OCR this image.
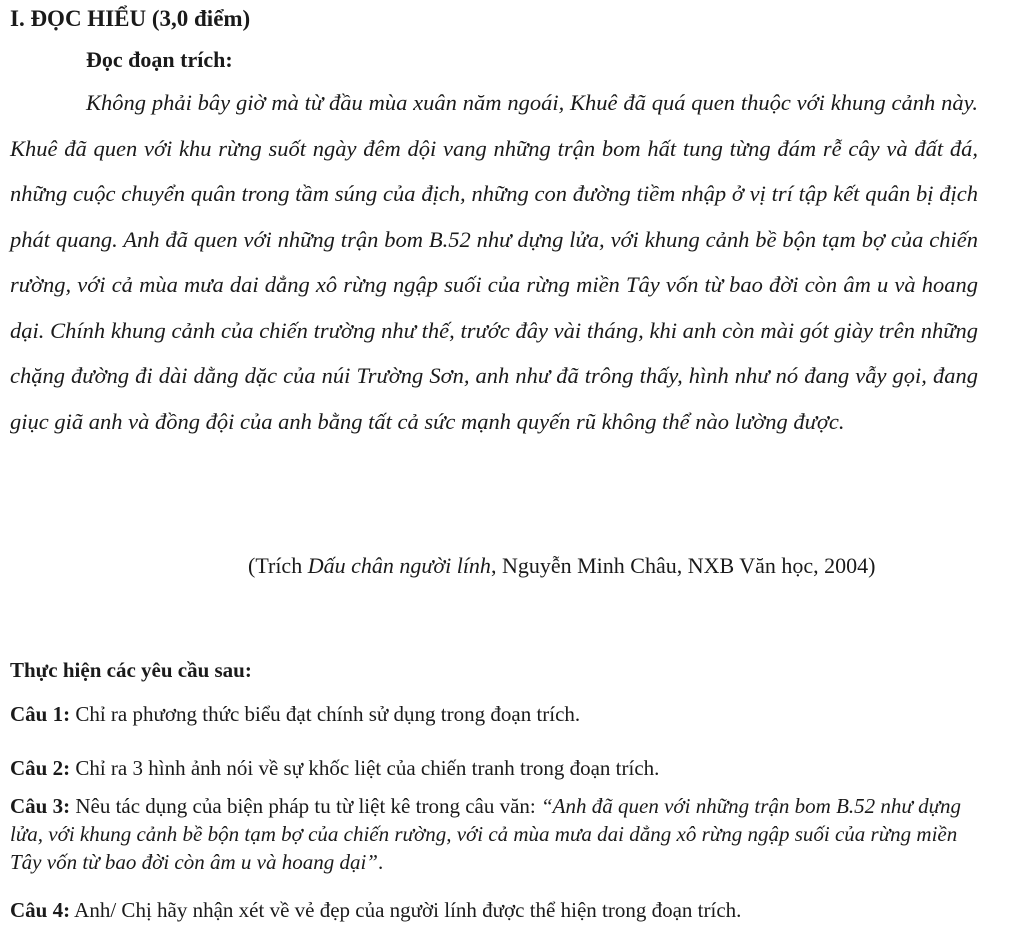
I. ĐỌC HIỂU (3,0 điểm)
Đọc đoạn trích:
Không phải bây giờ mà từ đầu mùa xuân năm ngoái, Khuê đã quá quen thuộc với khung cảnh này. Khuê đã quen với khu rừng suốt ngày đêm dội vang những trận bom hất tung từng đám rễ cây và đất đá, những cuộc chuyển quân trong tầm súng của địch, những con đường tiềm nhập ở vị trí tập kết quân bị địch phát quang. Anh đã quen với những trận bom B.52 như dựng lửa, với khung cảnh bề bộn tạm bợ của chiến rường, với cả mùa mưa dai dẳng xô rừng ngập suối của rừng miền Tây vốn từ bao đời còn âm u và hoang dại. Chính khung cảnh của chiến trường như thế, trước đây vài tháng, khi anh còn mài gót giày trên những chặng đường đi dài dằng dặc của núi Trường Sơn, anh như đã trông thấy, hình như nó đang vẫy gọi, đang giục giã anh và đồng đội của anh bằng tất cả sức mạnh quyến rũ không thể nào lường được.
(Trích Dấu chân người lính, Nguyễn Minh Châu, NXB Văn học, 2004)
Thực hiện các yêu cầu sau:
Câu 1: Chỉ ra phương thức biểu đạt chính sử dụng trong đoạn trích.
Câu 2: Chỉ ra 3 hình ảnh nói về sự khốc liệt của chiến tranh trong đoạn trích.
Câu 3: Nêu tác dụng của biện pháp tu từ liệt kê trong câu văn: “Anh đã quen với những trận bom B.52 như dựng lửa, với khung cảnh bề bộn tạm bợ của chiến rường, với cả mùa mưa dai dẳng xô rừng ngập suối của rừng miền Tây vốn từ bao đời còn âm u và hoang dại”.
Câu 4: Anh/ Chị hãy nhận xét về vẻ đẹp của người lính được thể hiện trong đoạn trích.
